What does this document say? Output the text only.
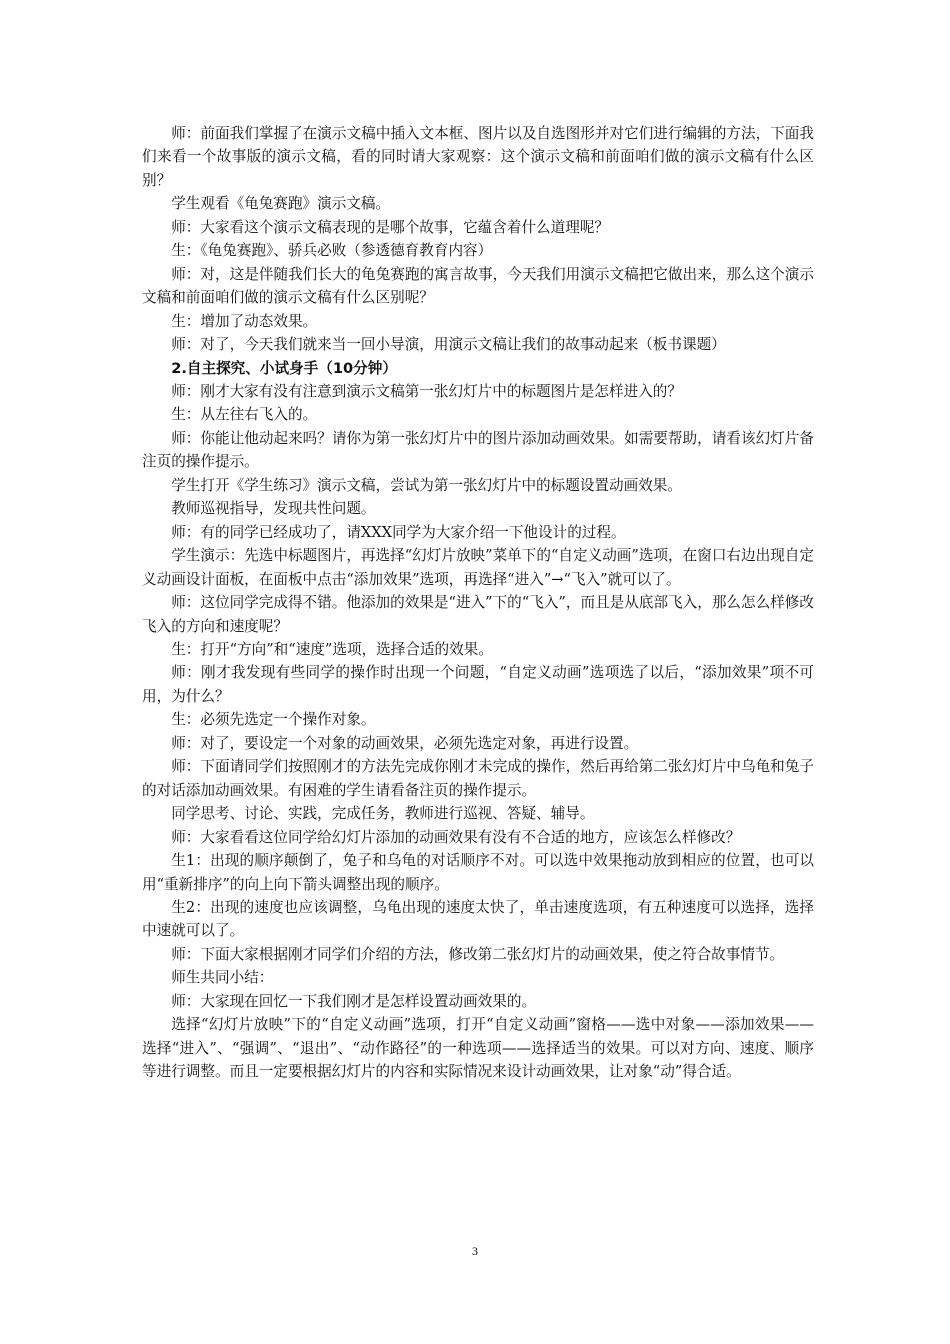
师：前面我们掌握了在演示文稿中插入文本框、图片以及自选图形并对它们进行编辑的方法，下面我们来看一个故事版的演示文稿，看的同时请大家观察：这个演示文稿和前面咱们做的演示文稿有什么区别？

学生观看《龟兔赛跑》演示文稿。

师：大家看这个演示文稿表现的是哪个故事，它蕴含着什么道理呢？

生：《龟兔赛跑》、骄兵必败（参透德育教育内容）

师：对，这是伴随我们长大的龟兔赛跑的寓言故事，今天我们用演示文稿把它做出来，那么这个演示文稿和前面咱们做的演示文稿有什么区别呢？

生：增加了动态效果。

师：对了，今天我们就来当一回小导演，用演示文稿让我们的故事动起来（板书课题）

2.自主探究、小试身手（10分钟）

师：刚才大家有没有注意到演示文稿第一张幻灯片中的标题图片是怎样进入的？

生：从左往右飞入的。

师：你能让他动起来吗？请你为第一张幻灯片中的图片添加动画效果。如需要帮助，请看该幻灯片备注页的操作提示。

学生打开《学生练习》演示文稿，尝试为第一张幻灯片中的标题设置动画效果。

教师巡视指导，发现共性问题。

师：有的同学已经成功了，请XXX同学为大家介绍一下他设计的过程。

学生演示：先选中标题图片，再选择“幻灯片放映”菜单下的“自定义动画”选项，在窗口右边出现自定义动画设计面板，在面板中点击“添加效果”选项，再选择“进入”→“飞入”就可以了。

师：这位同学完成得不错。他添加的效果是“进入”下的“飞入”，而且是从底部飞入，那么怎么样修改飞入的方向和速度呢？

生：打开“方向”和“速度”选项，选择合适的效果。

师：刚才我发现有些同学的操作时出现一个问题，“自定义动画”选项选了以后，“添加效果”项不可用，为什么？

生：必须先选定一个操作对象。

师：对了，要设定一个对象的动画效果，必须先选定对象，再进行设置。

师：下面请同学们按照刚才的方法先完成你刚才未完成的操作，然后再给第二张幻灯片中乌龟和兔子的对话添加动画效果。有困难的学生请看备注页的操作提示。

同学思考、讨论、实践，完成任务，教师进行巡视、答疑、辅导。

师：大家看看这位同学给幻灯片添加的动画效果有没有不合适的地方，应该怎么样修改？

生1：出现的顺序颠倒了，兔子和乌龟的对话顺序不对。可以选中效果拖动放到相应的位置，也可以用“重新排序”的向上向下箭头调整出现的顺序。

生2：出现的速度也应该调整，乌龟出现的速度太快了，单击速度选项，有五种速度可以选择，选择中速就可以了。

师：下面大家根据刚才同学们介绍的方法，修改第二张幻灯片的动画效果，使之符合故事情节。

师生共同小结：

师：大家现在回忆一下我们刚才是怎样设置动画效果的。

选择“幻灯片放映”下的“自定义动画”选项，打开“自定义动画”窗格——选中对象——添加效果——选择“进入”、“强调”、“退出”、“动作路径”的一种选项——选择适当的效果。可以对方向、速度、顺序等进行调整。而且一定要根据幻灯片的内容和实际情况来设计动画效果，让对象“动”得合适。

3
